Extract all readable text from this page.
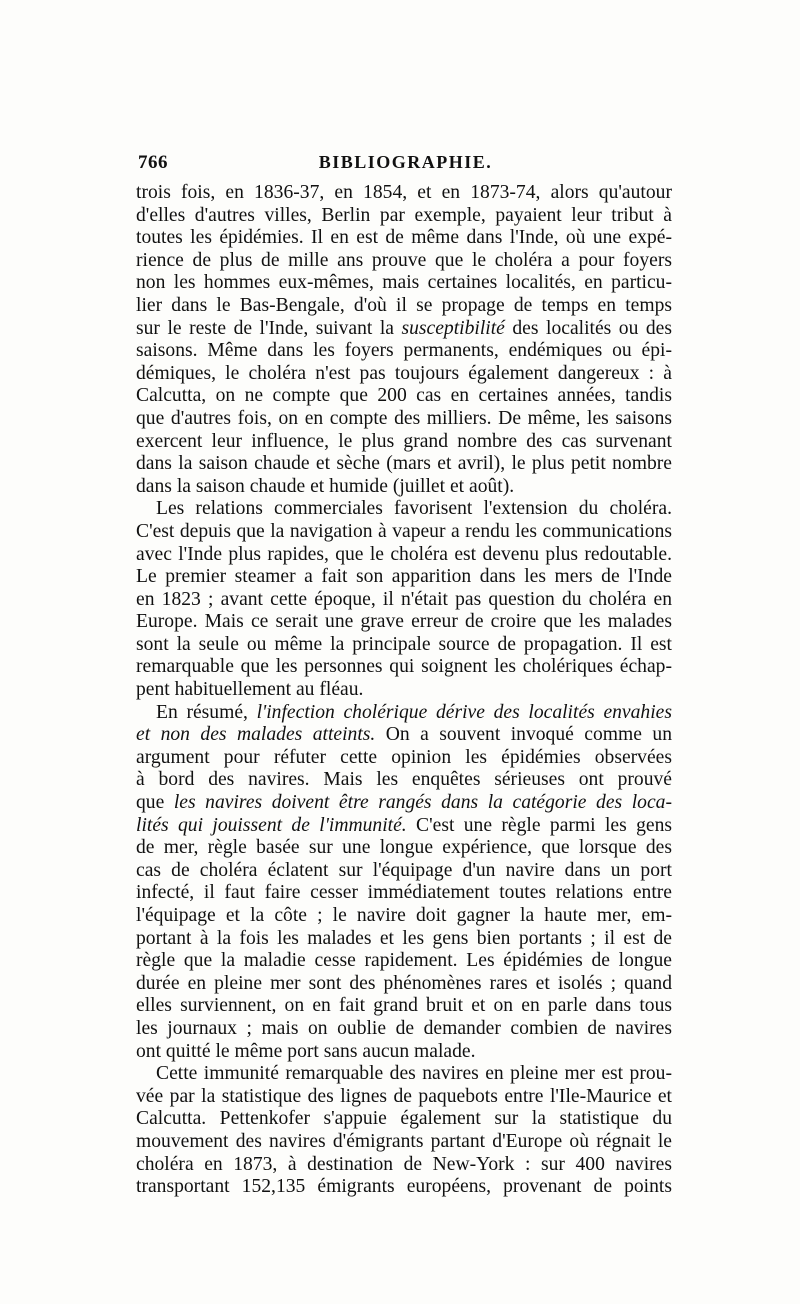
766	BIBLIOGRAPHIE.
trois fois, en 1836-37, en 1854, et en 1873-74, alors qu'autour
d'elles d'autres villes, Berlin par exemple, payaient leur tribut à
toutes les épidémies. Il en est de même dans l'Inde, où une expé-
rience de plus de mille ans prouve que le choléra a pour foyers
non les hommes eux-mêmes, mais certaines localités, en particu-
lier dans le Bas-Bengale, d'où il se propage de temps en temps
sur le reste de l'Inde, suivant la susceptibilité des localités ou des
saisons. Même dans les foyers permanents, endémiques ou épi-
démiques, le choléra n'est pas toujours également dangereux : à
Calcutta, on ne compte que 200 cas en certaines années, tandis
que d'autres fois, on en compte des milliers. De même, les saisons
exercent leur influence, le plus grand nombre des cas survenant
dans la saison chaude et sèche (mars et avril), le plus petit nombre
dans la saison chaude et humide (juillet et août).
Les relations commerciales favorisent l'extension du choléra.
C'est depuis que la navigation à vapeur a rendu les communications
avec l'Inde plus rapides, que le choléra est devenu plus redoutable.
Le premier steamer a fait son apparition dans les mers de l'Inde
en 1823 ; avant cette époque, il n'était pas question du choléra en
Europe. Mais ce serait une grave erreur de croire que les malades
sont la seule ou même la principale source de propagation. Il est
remarquable que les personnes qui soignent les cholériques échap-
pent habituellement au fléau.
En résumé, l'infection cholérique dérive des localités envahies
et non des malades atteints. On a souvent invoqué comme un
argument pour réfuter cette opinion les épidémies observées
à bord des navires. Mais les enquêtes sérieuses ont prouvé
que les navires doivent être rangés dans la catégorie des loca-
lités qui jouissent de l'immunité. C'est une règle parmi les gens
de mer, règle basée sur une longue expérience, que lorsque des
cas de choléra éclatent sur l'équipage d'un navire dans un port
infecté, il faut faire cesser immédiatement toutes relations entre
l'équipage et la côte ; le navire doit gagner la haute mer, em-
portant à la fois les malades et les gens bien portants ; il est de
règle que la maladie cesse rapidement. Les épidémies de longue
durée en pleine mer sont des phénomènes rares et isolés ; quand
elles surviennent, on en fait grand bruit et on en parle dans tous
les journaux ; mais on oublie de demander combien de navires
ont quitté le même port sans aucun malade.
Cette immunité remarquable des navires en pleine mer est prou-
vée par la statistique des lignes de paquebots entre l'Ile-Maurice et
Calcutta. Pettenkofer s'appuie également sur la statistique du
mouvement des navires d'émigrants partant d'Europe où régnait le
choléra en 1873, à destination de New-York : sur 400 navires
transportant 152,135 émigrants européens, provenant de points
